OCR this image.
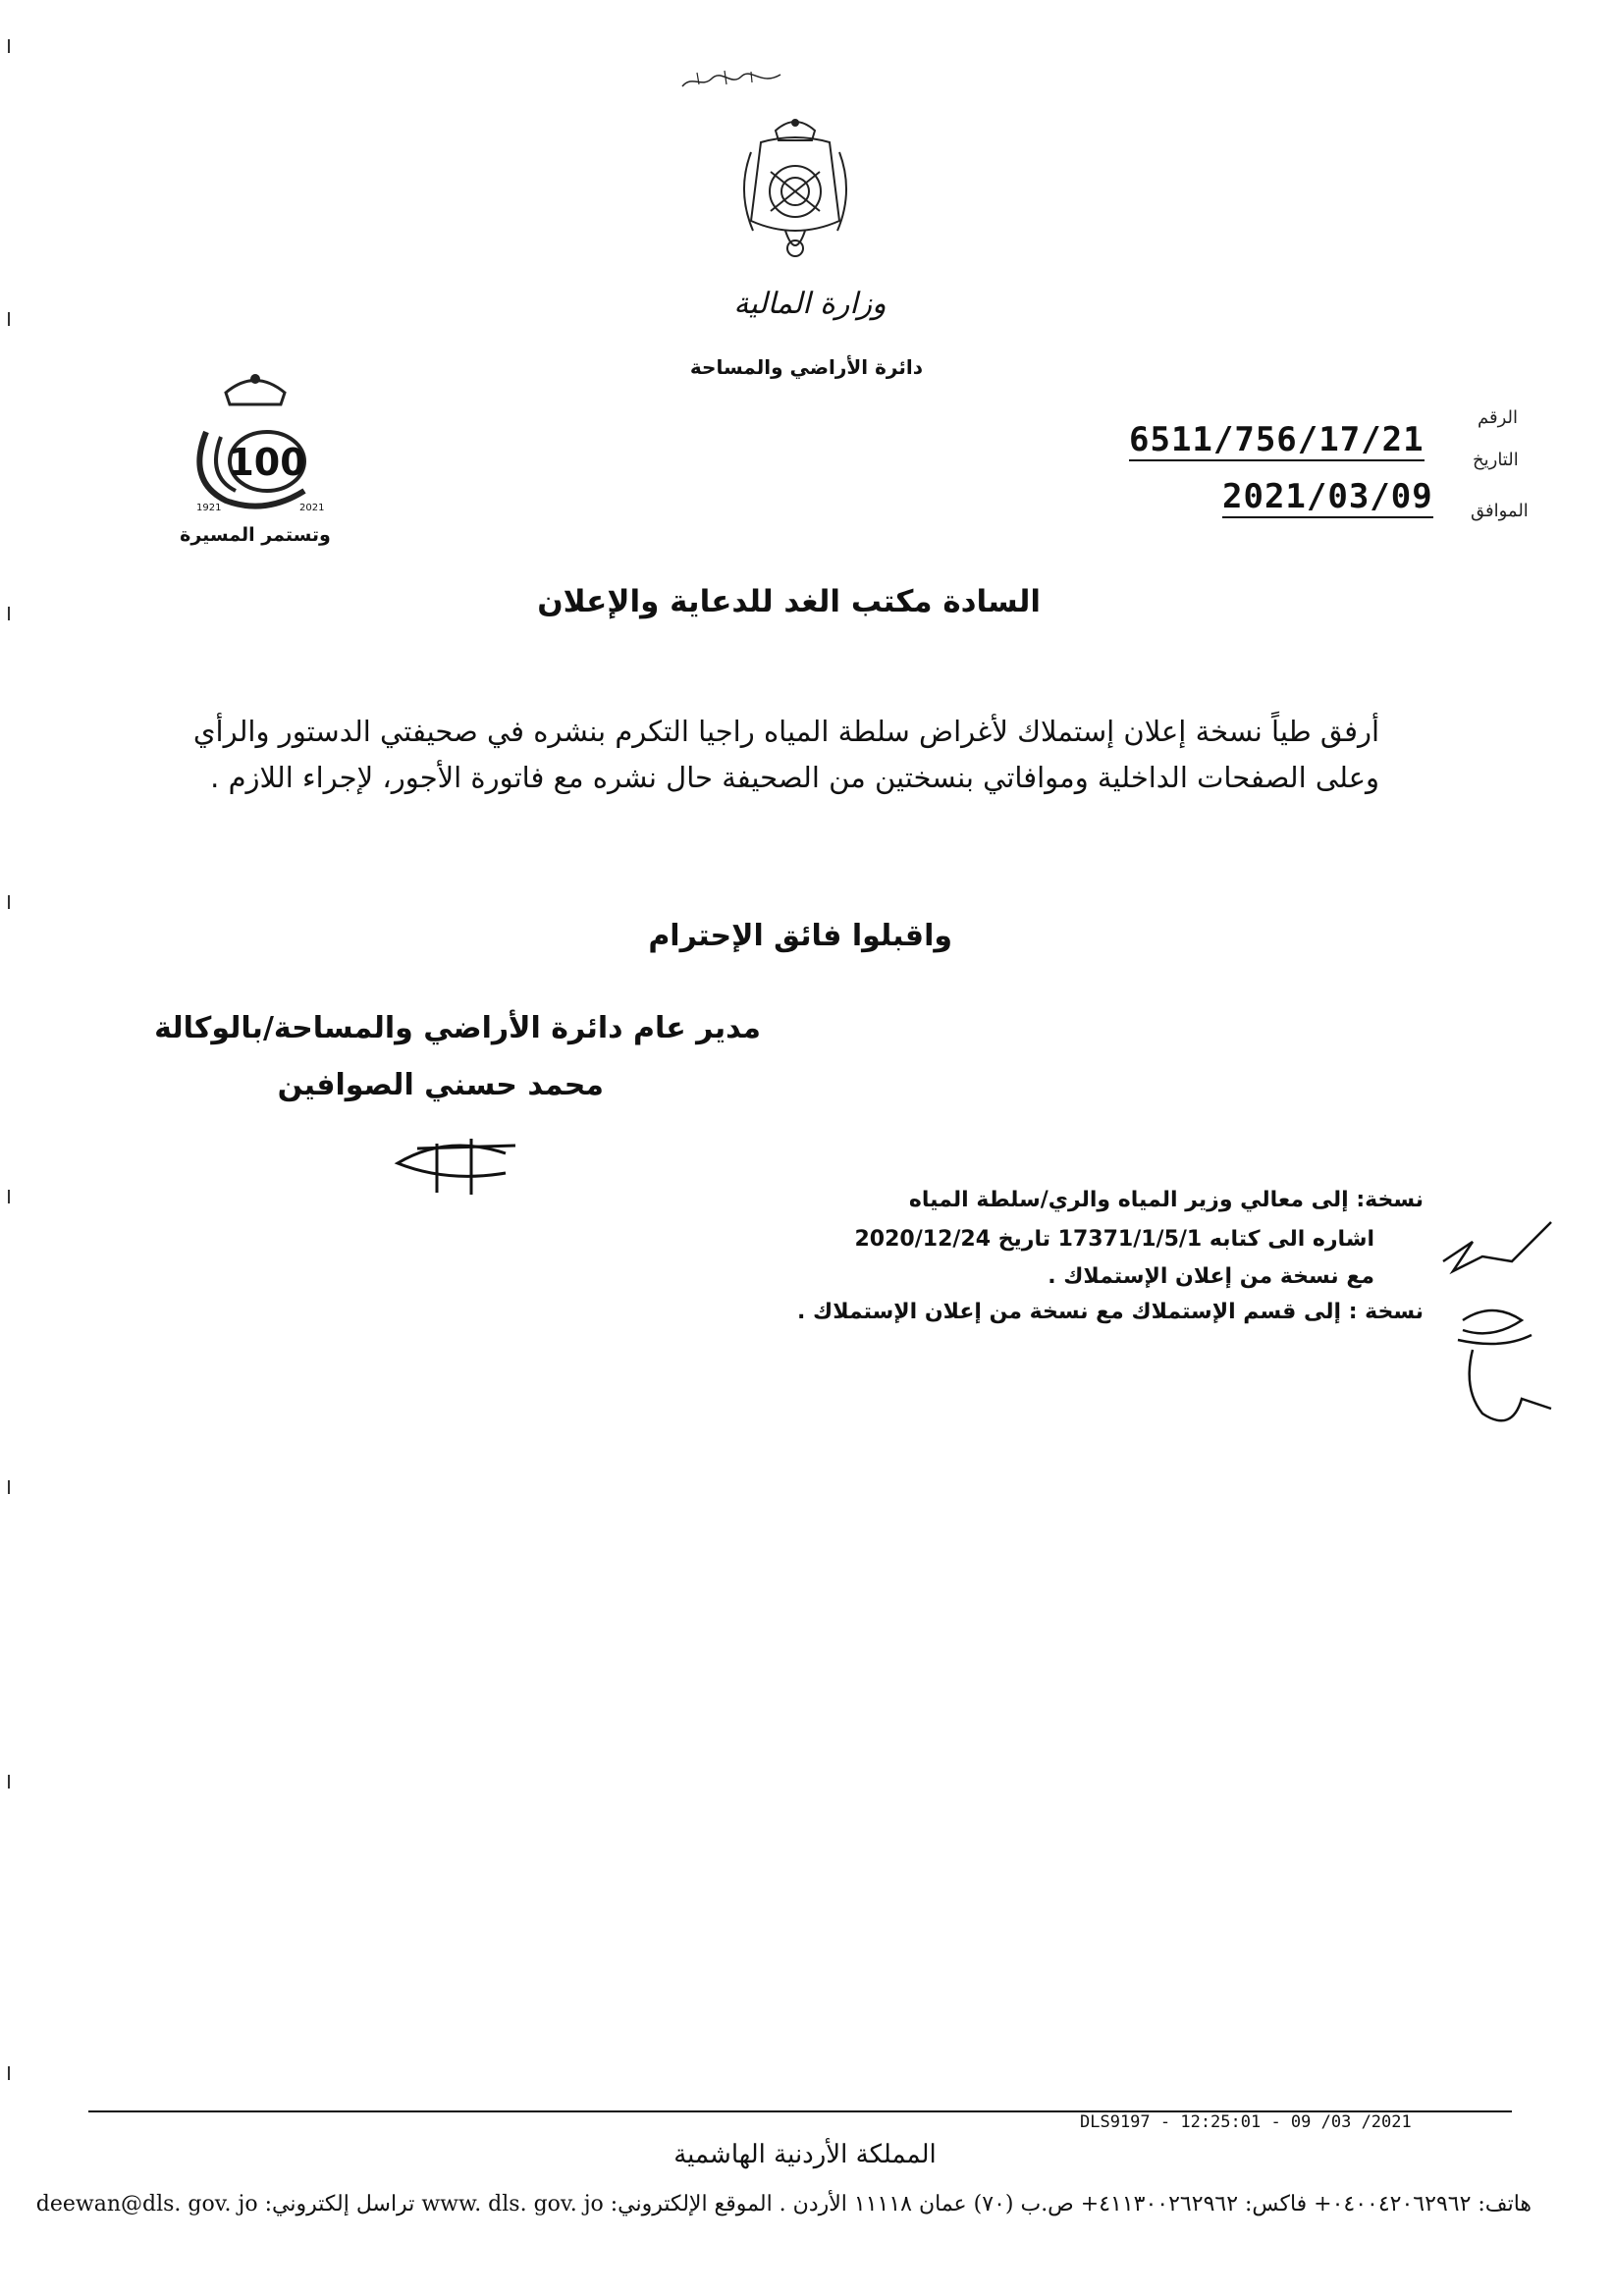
وزارة المالية
دائرة الأراضي والمساحة
100
1921	2021
وتستمر المسيرة
الرقم
6511/756/17/21
التاريخ
الموافق
2021/03/09
السادة مكتب الغد للدعاية والإعلان
أرفق طياً نسخة إعلان إستملاك لأغراض سلطة المياه راجيا التكرم بنشره في صحيفتي الدستور والرأي وعلى الصفحات الداخلية وموافاتي بنسختين من الصحيفة حال نشره مع فاتورة الأجور، لإجراء اللازم .
واقبلوا فائق الإحترام
مدير عام دائرة الأراضي والمساحة/بالوكالة
محمد حسني الصوافين
نسخة: إلى معالي وزير المياه والري/سلطة المياه
اشاره الى كتابه 17371/1/5/1 تاريخ 2020/12/24
مع نسخة من إعلان الإستملاك .
نسخة : إلى قسم الإستملاك مع نسخة من إعلان الإستملاك .
DLS9197 - 12:25:01 - 09 /03 /2021
المملكة الأردنية الهاشمية
هاتف: ٠٤٠٠٤٢٠٦٢٩٦٢+ فاكس: ٤١١٣٠٠٢٦٢٩٦٢+ ص.ب (٧٠) عمان ١١١١٨ الأردن . الموقع الإلكتروني: www. dls. gov. jo تراسل إلكتروني: deewan@dls. gov. jo
